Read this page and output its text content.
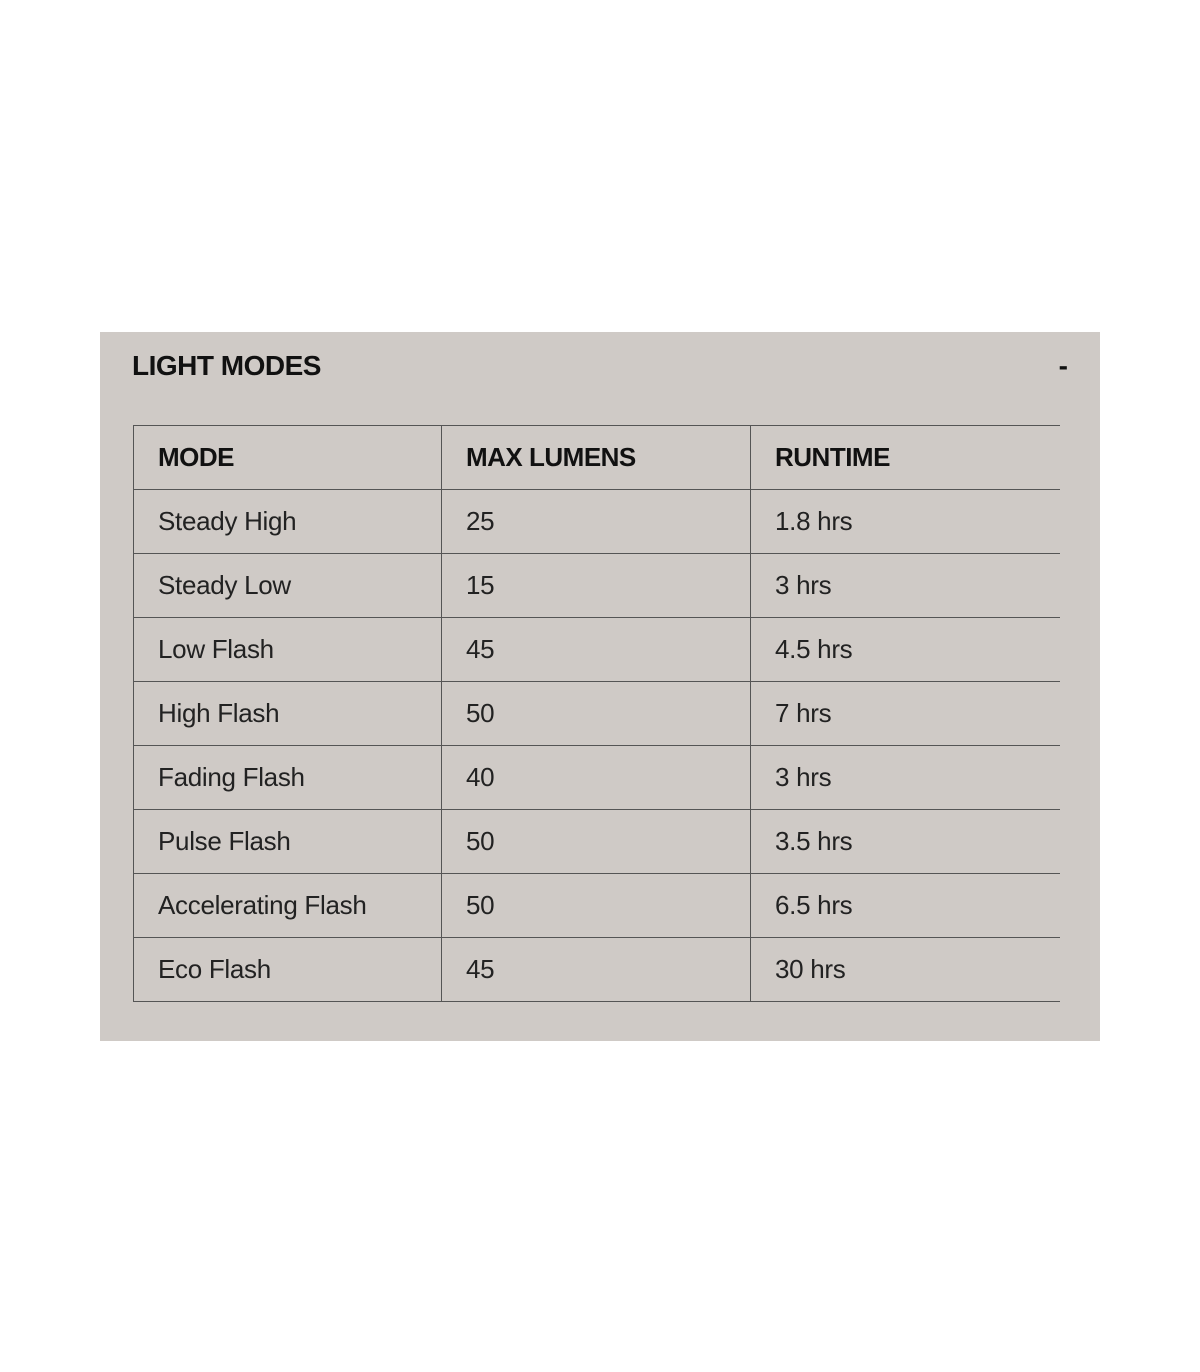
LIGHT MODES	-
MODE	MAX LUMENS	RUNTIME
Steady High	25	1.8 hrs
Steady Low	15	3 hrs
Low Flash	45	4.5 hrs
High Flash	50	7 hrs
Fading Flash	40	3 hrs
Pulse Flash	50	3.5 hrs
Accelerating Flash	50	6.5 hrs
Eco Flash	45	30 hrs
